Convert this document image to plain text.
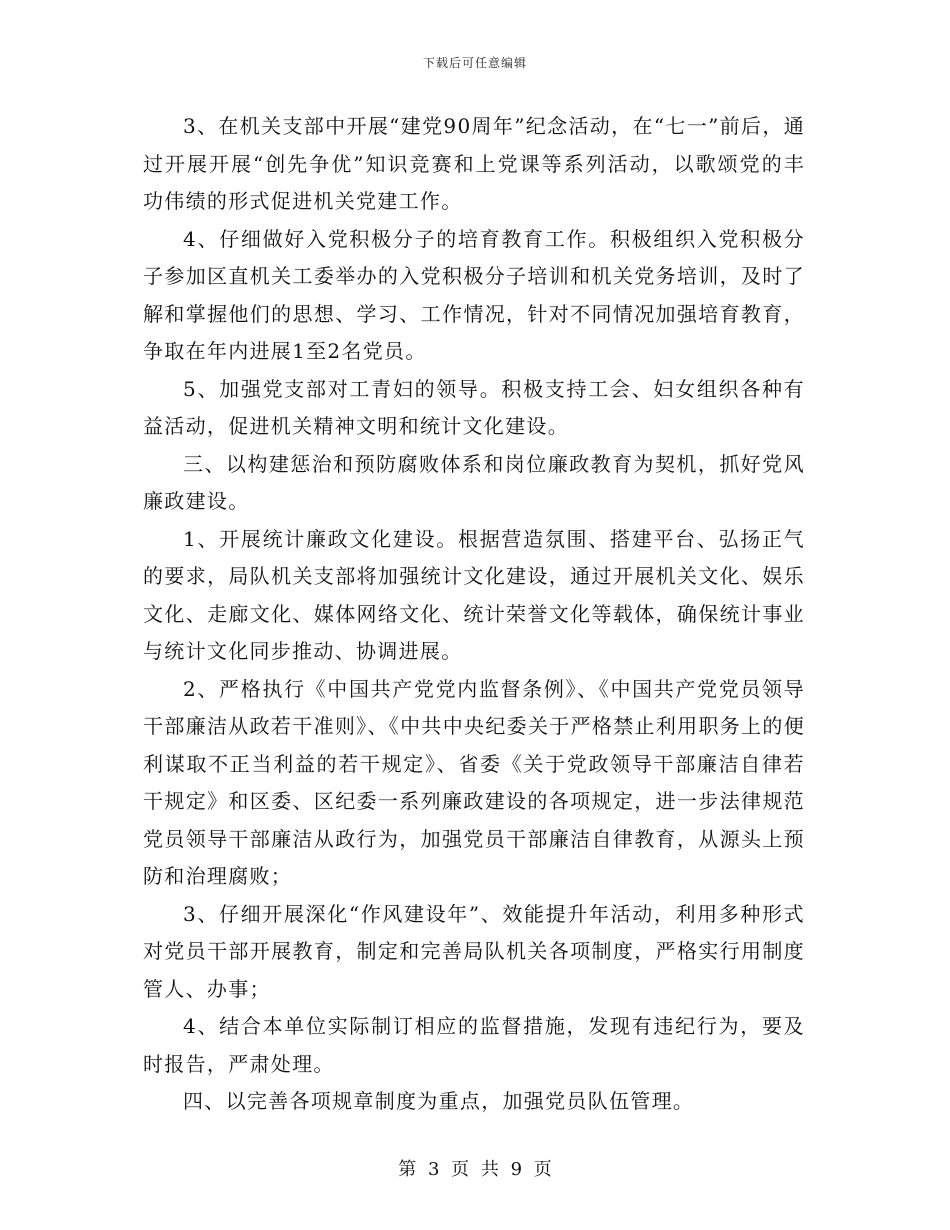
下载后可任意编辑

3、在机关支部中开展“建党90周年”纪念活动，在“七一”前后，通过开展开展“创先争优”知识竞赛和上党课等系列活动，以歌颂党的丰功伟绩的形式促进机关党建工作。

4、仔细做好入党积极分子的培育教育工作。积极组织入党积极分子参加区直机关工委举办的入党积极分子培训和机关党务培训，及时了解和掌握他们的思想、学习、工作情况，针对不同情况加强培育教育，争取在年内进展1至2名党员。

5、加强党支部对工青妇的领导。积极支持工会、妇女组织各种有益活动，促进机关精神文明和统计文化建设。

三、以构建惩治和预防腐败体系和岗位廉政教育为契机，抓好党风廉政建设。

1、开展统计廉政文化建设。根据营造氛围、搭建平台、弘扬正气的要求，局队机关支部将加强统计文化建设，通过开展机关文化、娱乐文化、走廊文化、媒体网络文化、统计荣誉文化等载体，确保统计事业与统计文化同步推动、协调进展。

2、严格执行《中国共产党党内监督条例》、《中国共产党党员领导干部廉洁从政若干准则》、《中共中央纪委关于严格禁止利用职务上的便利谋取不正当利益的若干规定》、省委《关于党政领导干部廉洁自律若干规定》和区委、区纪委一系列廉政建设的各项规定，进一步法律规范党员领导干部廉洁从政行为，加强党员干部廉洁自律教育，从源头上预防和治理腐败；

3、仔细开展深化“作风建设年”、效能提升年活动，利用多种形式对党员干部开展教育，制定和完善局队机关各项制度，严格实行用制度管人、办事；

4、结合本单位实际制订相应的监督措施，发现有违纪行为，要及时报告，严肃处理。

四、以完善各项规章制度为重点，加强党员队伍管理。

第 3 页 共 9 页
